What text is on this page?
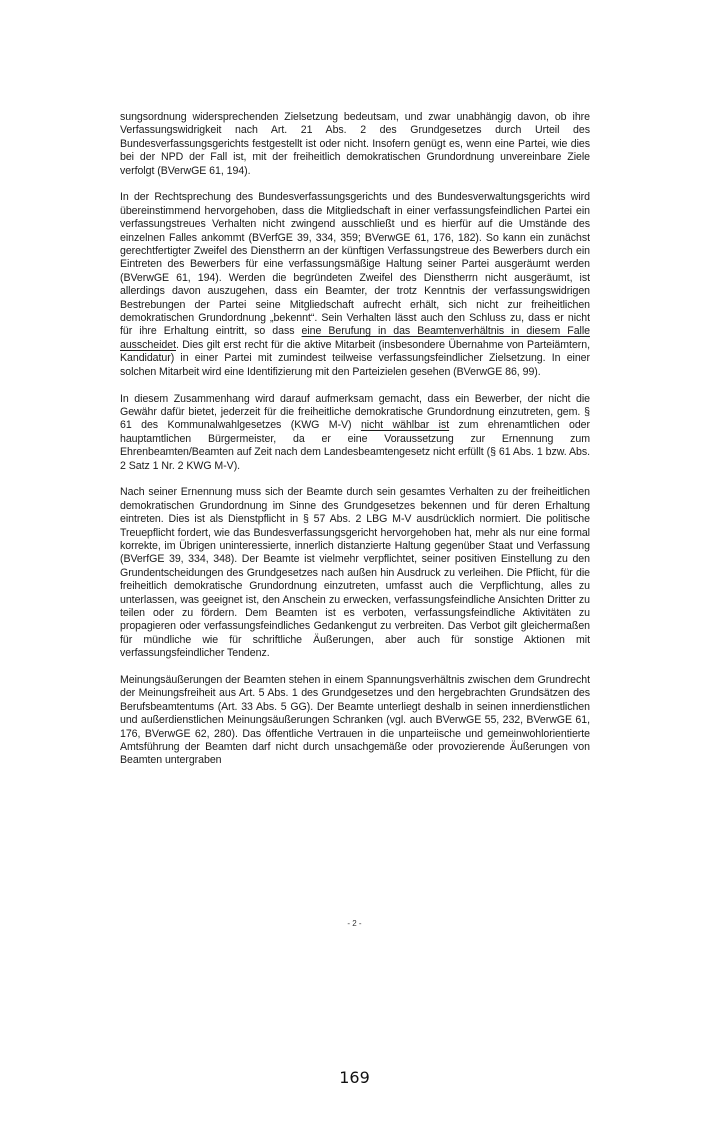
sungsordnung widersprechenden Zielsetzung bedeutsam, und zwar unabhängig davon, ob ihre Verfassungswidrigkeit nach Art. 21 Abs. 2 des Grundgesetzes durch Urteil des Bundesverfassungsgerichts festgestellt ist oder nicht. Insofern genügt es, wenn eine Partei, wie dies bei der NPD der Fall ist, mit der freiheitlich demokratischen Grundordnung unvereinbare Ziele verfolgt (BVerwGE 61, 194).

In der Rechtsprechung des Bundesverfassungsgerichts und des Bundesverwaltungsgerichts wird übereinstimmend hervorgehoben, dass die Mitgliedschaft in einer verfassungsfeindlichen Partei ein verfassungstreues Verhalten nicht zwingend ausschließt und es hierfür auf die Umstände des einzelnen Falles ankommt (BVerfGE 39, 334, 359; BVerwGE 61, 176, 182). So kann ein zunächst gerechtfertigter Zweifel des Dienstherrn an der künftigen Verfassungstreue des Bewerbers durch ein Eintreten des Bewerbers für eine verfassungsmäßige Haltung seiner Partei ausgeräumt werden (BVerwGE 61, 194). Werden die begründeten Zweifel des Dienstherrn nicht ausgeräumt, ist allerdings davon auszugehen, dass ein Beamter, der trotz Kenntnis der verfassungswidrigen Bestrebungen der Partei seine Mitgliedschaft aufrecht erhält, sich nicht zur freiheitlichen demokratischen Grundordnung „bekennt“. Sein Verhalten lässt auch den Schluss zu, dass er nicht für ihre Erhaltung eintritt, so dass eine Berufung in das Beamtenverhältnis in diesem Falle ausscheidet. Dies gilt erst recht für die aktive Mitarbeit (insbesondere Übernahme von Parteiämtern, Kandidatur) in einer Partei mit zumindest teilweise verfassungsfeindlicher Zielsetzung. In einer solchen Mitarbeit wird eine Identifizierung mit den Parteizielen gesehen (BVerwGE 86, 99).

In diesem Zusammenhang wird darauf aufmerksam gemacht, dass ein Bewerber, der nicht die Gewähr dafür bietet, jederzeit für die freiheitliche demokratische Grundordnung einzutreten, gem. § 61 des Kommunalwahlgesetzes (KWG M-V) nicht wählbar ist zum ehrenamtlichen oder hauptamtlichen Bürgermeister, da er eine Voraussetzung zur Ernennung zum Ehrenbeamten/Beamten auf Zeit nach dem Landesbeamtengesetz nicht erfüllt (§ 61 Abs. 1 bzw. Abs. 2 Satz 1 Nr. 2 KWG M-V).

Nach seiner Ernennung muss sich der Beamte durch sein gesamtes Verhalten zu der freiheitlichen demokratischen Grundordnung im Sinne des Grundgesetzes bekennen und für deren Erhaltung eintreten. Dies ist als Dienstpflicht in § 57 Abs. 2 LBG M-V ausdrücklich normiert. Die politische Treuepflicht fordert, wie das Bundesverfassungsgericht hervorgehoben hat, mehr als nur eine formal korrekte, im Übrigen uninteressierte, innerlich distanzierte Haltung gegenüber Staat und Verfassung (BVerfGE 39, 334, 348). Der Beamte ist vielmehr verpflichtet, seiner positiven Einstellung zu den Grundentscheidungen des Grundgesetzes nach außen hin Ausdruck zu verleihen. Die Pflicht, für die freiheitlich demokratische Grundordnung einzutreten, umfasst auch die Verpflichtung, alles zu unterlassen, was geeignet ist, den Anschein zu erwecken, verfassungsfeindliche Ansichten Dritter zu teilen oder zu fördern. Dem Beamten ist es verboten, verfassungsfeindliche Aktivitäten zu propagieren oder verfassungsfeindliches Gedankengut zu verbreiten. Das Verbot gilt gleichermaßen für mündliche wie für schriftliche Äußerungen, aber auch für sonstige Aktionen mit verfassungsfeindlicher Tendenz.

Meinungsäußerungen der Beamten stehen in einem Spannungsverhältnis zwischen dem Grundrecht der Meinungsfreiheit aus Art. 5 Abs. 1 des Grundgesetzes und den hergebrachten Grundsätzen des Berufsbeamtentums (Art. 33 Abs. 5 GG). Der Beamte unterliegt deshalb in seinen innerdienstlichen und außerdienstlichen Meinungsäußerungen Schranken (vgl. auch BVerwGE 55, 232, BVerwGE 61, 176, BVerwGE 62, 280). Das öffentliche Vertrauen in die unparteiische und gemeinwohlorientierte Amtsführung der Beamten darf nicht durch unsachgemäße oder provozierende Äußerungen von Beamten untergraben

- 2 -
169
